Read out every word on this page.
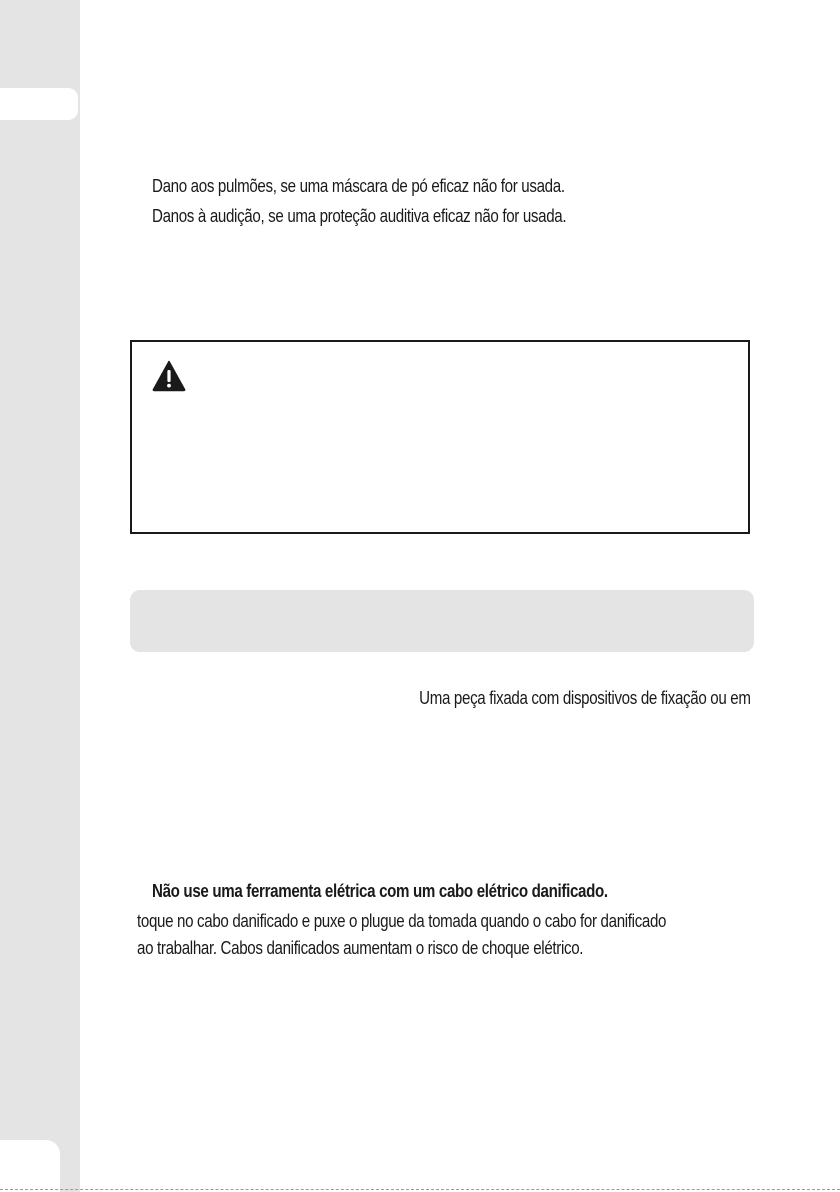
Dano aos pulmões, se uma máscara de pó eficaz não for usada.
Danos à audição, se uma proteção auditiva eficaz não for usada.
Uma peça fixada com dispositivos de fixação ou em
Não use uma ferramenta elétrica com um cabo elétrico danificado.
toque no cabo danificado e puxe o plugue da tomada quando o cabo for danificado
ao trabalhar. Cabos danificados aumentam o risco de choque elétrico.
